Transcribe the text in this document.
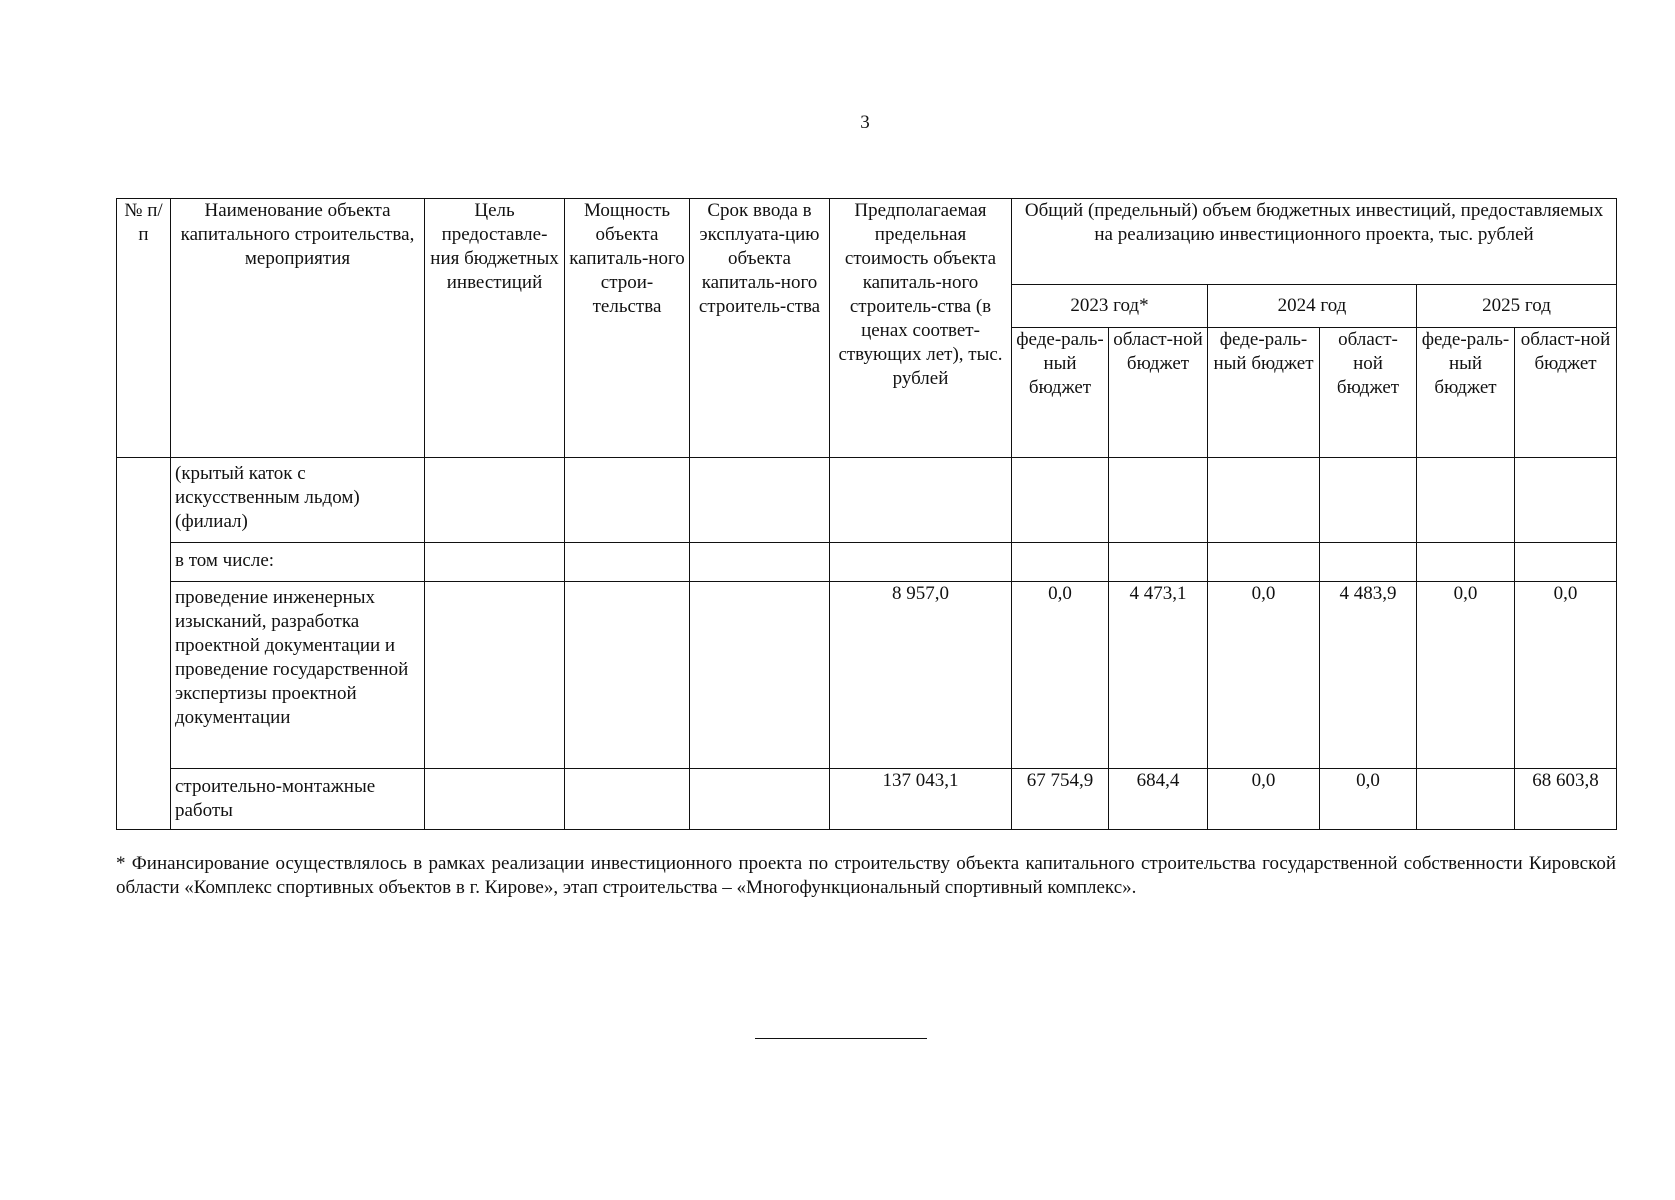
3
№ п/п	Наименование объекта капитального строительства, мероприятия	Цель предоставле-ния бюджетных инвестиций	Мощность объекта капиталь-ного строи-тельства	Срок ввода в эксплуата-цию объекта капиталь-ного строитель-ства	Предполагаемая предельная стоимость объекта капиталь-ного строитель-ства (в ценах соответ-ствующих лет), тыс. рублей	Общий (предельный) объем бюджетных инвестиций, предоставляемых на реализацию инвестиционного проекта, тыс. рублей					
						2023 год*		2024 год		2025 год	
						феде-раль-ный бюджет	област-ной бюджет	феде-раль-ный бюджет	област-ной бюджет	феде-раль-ный бюджет	област-ной бюджет
	(крытый каток с искусственным льдом) (филиал)										
	в том числе:										
	проведение инженерных изысканий, разработка проектной документации и проведение государственной экспертизы проектной документации				8 957,0	0,0	4 473,1	0,0	4 483,9	0,0	0,0
	строительно-монтажные работы				137 043,1	67 754,9	684,4	0,0	0,0		68 603,8
* Финансирование осуществлялось в рамках реализации инвестиционного проекта по строительству объекта капитального строительства государственной собственности Кировской области «Комплекс спортивных объектов в г. Кирове», этап строительства – «Многофункциональный спортивный комплекс».
